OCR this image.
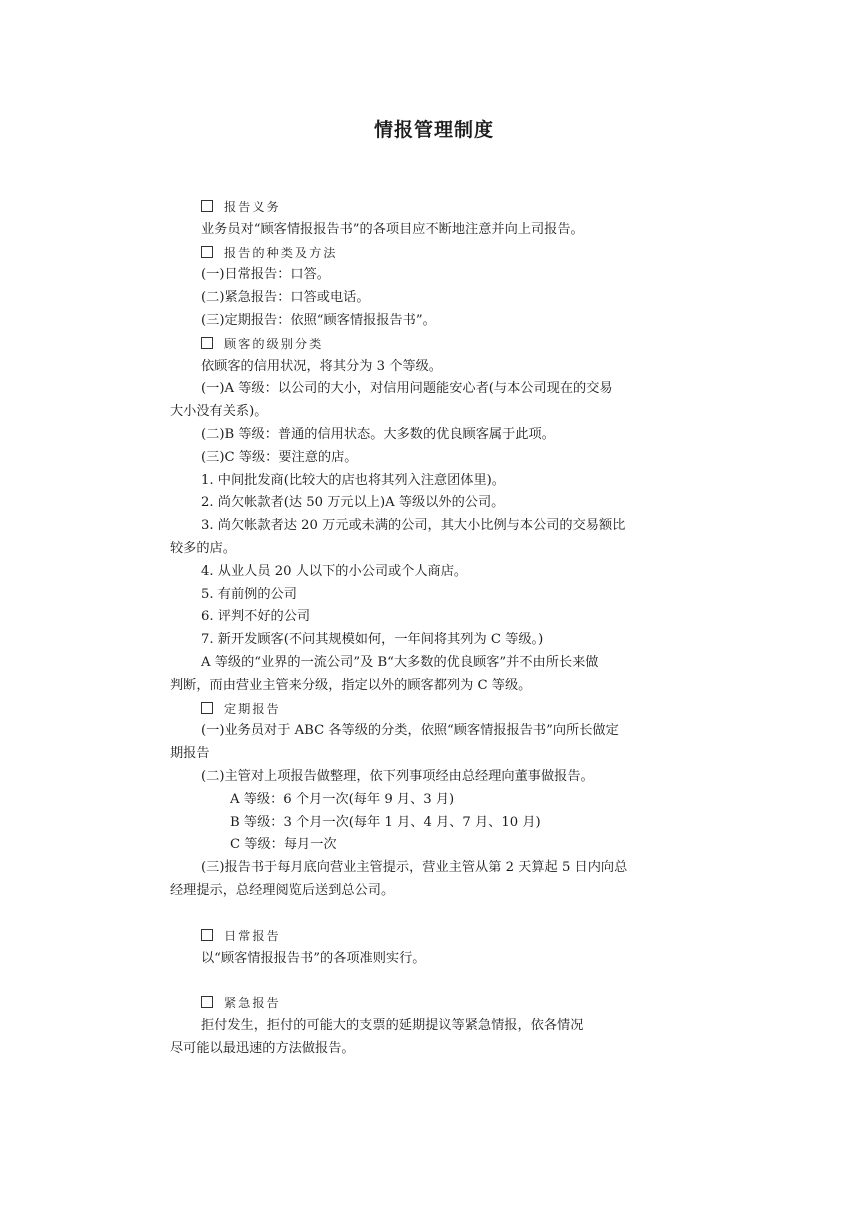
情报管理制度
报告义务
业务员对“顾客情报报告书”的各项目应不断地注意并向上司报告。
报告的种类及方法
(一)日常报告：口答。
(二)紧急报告：口答或电话。
(三)定期报告：依照“顾客情报报告书”。
顾客的级别分类
依顾客的信用状况，将其分为 3 个等级。
(一)A 等级：以公司的大小，对信用问题能安心者(与本公司现在的交易
大小没有关系)。
(二)B 等级：普通的信用状态。大多数的优良顾客属于此项。
(三)C 等级：要注意的店。
1. 中间批发商(比较大的店也将其列入注意团体里)。
2. 尚欠帐款者(达 50 万元以上)A 等级以外的公司。
3. 尚欠帐款者达 20 万元或未满的公司，其大小比例与本公司的交易额比
较多的店。
4. 从业人员 20 人以下的小公司或个人商店。
5. 有前例的公司
6. 评判不好的公司
7. 新开发顾客(不问其规模如何，一年间将其列为 C 等级。)
A 等级的“业界的一流公司”及 B“大多数的优良顾客”并不由所长来做
判断，而由营业主管来分级，指定以外的顾客都列为 C 等级。
定期报告
(一)业务员对于 ABC 各等级的分类，依照“顾客情报报告书”向所长做定
期报告
(二)主管对上项报告做整理，依下列事项经由总经理向董事做报告。
A 等级：6 个月一次(每年 9 月、3 月)
B 等级：3 个月一次(每年 1 月、4 月、7 月、10 月)
C 等级：每月一次
(三)报告书于每月底向营业主管提示，营业主管从第 2 天算起 5 日内向总
经理提示，总经理阅览后送到总公司。
日常报告
以“顾客情报报告书”的各项准则实行。
紧急报告
拒付发生，拒付的可能大的支票的延期提议等紧急情报，依各情况
尽可能以最迅速的方法做报告。
